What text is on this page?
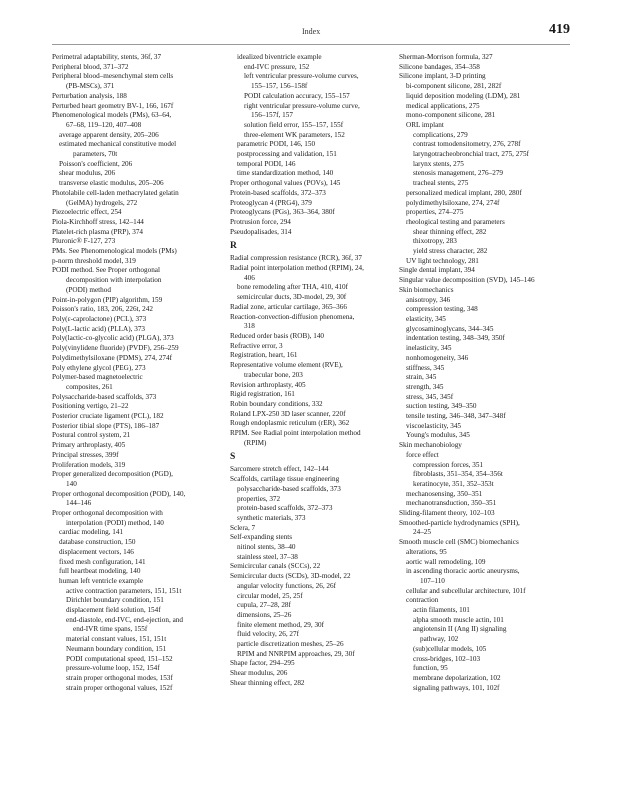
Index	419
Perimetral adaptability, stents, 36f, 37
Peripheral blood, 371–372
Peripheral blood–mesenchymal stem cells
(PB-MSCs), 371
Perturbation analysis, 188
Perturbed heart geometry BV-1, 166, 167f
Phenomenological models (PMs), 63–64,
67–68, 119–120, 407–408
average apparent density, 205–206
estimated mechanical constitutive model
parameters, 70t
Poisson's coefficient, 206
shear modulus, 206
transverse elastic modulus, 205–206
Photolabile cell-laden methacrylated gelatin
(GelMA) hydrogels, 272
Piezoelectric effect, 254
Piola-Kirchhoff stress, 142–144
Platelet-rich plasma (PRP), 374
Pluronic® F-127, 273
PMs. See Phenomenological models (PMs)
p-norm threshold model, 319
PODI method. See Proper orthogonal
decomposition with interpolation
(PODI) method
Point-in-polygon (PIP) algorithm, 159
Poisson's ratio, 183, 206, 226t, 242
Poly(ε-caprolactone) (PCL), 373
Poly(L-lactic acid) (PLLA), 373
Poly(lactic-co-glycolic acid) (PLGA), 373
Poly(vinylidene fluoride) (PVDF), 256–259
Polydimethylsiloxane (PDMS), 274, 274f
Poly ethylene glycol (PEG), 273
Polymer-based magnetoelectric
composites, 261
Polysaccharide-based scaffolds, 373
Positioning vertigo, 21–22
Posterior cruciate ligament (PCL), 182
Posterior tibial slope (PTS), 186–187
Postural control system, 21
Primary arthroplasty, 405
Principal stresses, 399f
Proliferation models, 319
Proper generalized decomposition (PGD),
140
Proper orthogonal decomposition (POD), 140,
144–146
Proper orthogonal decomposition with
interpolation (PODI) method, 140
cardiac modeling, 141
database construction, 150
displacement vectors, 146
fixed mesh configuration, 141
full heartbeat modeling, 140
human left ventricle example
active contraction parameters, 151, 151t
Dirichlet boundary condition, 151
displacement field solution, 154f
end-diastole, end-IVC, end-ejection, and
end-IVR time spans, 155f
material constant values, 151, 151t
Neumann boundary condition, 151
PODI computational speed, 151–152
pressure-volume loop, 152, 154f
strain proper orthogonal modes, 153f
strain proper orthogonal values, 152f
idealized biventricle example
end-IVC pressure, 152
left ventricular pressure-volume curves,
155–157, 156–158f
PODI calculation accuracy, 155–157
right ventricular pressure-volume curve,
156–157f, 157
solution field error, 155–157, 155f
three-element WK parameters, 152
parametric PODI, 146, 150
postprocessing and validation, 151
temporal PODI, 146
time standardization method, 140
Proper orthogonal values (POVs), 145
Protein-based scaffolds, 372–373
Proteoglycan 4 (PRG4), 379
Proteoglycans (PGs), 363–364, 380f
Protrusion force, 294
Pseudopalisades, 314
R
Radial compression resistance (RCR), 36f, 37
Radial point interpolation method (RPIM), 24,
406
bone remodeling after THA, 410, 410f
semicircular ducts, 3D-model, 29, 30f
Radial zone, articular cartilage, 365–366
Reaction-convection-diffusion phenomena,
318
Reduced order basis (ROB), 140
Refractive error, 3
Registration, heart, 161
Representative volume element (RVE),
trabecular bone, 203
Revision arthroplasty, 405
Rigid registration, 161
Robin boundary conditions, 332
Roland LPX-250 3D laser scanner, 220f
Rough endoplasmic reticulum (rER), 362
RPIM. See Radial point interpolation method
(RPIM)
S
Sarcomere stretch effect, 142–144
Scaffolds, cartilage tissue engineering
polysaccharide-based scaffolds, 373
properties, 372
protein-based scaffolds, 372–373
synthetic materials, 373
Sclera, 7
Self-expanding stents
nitinol stents, 38–40
stainless steel, 37–38
Semicircular canals (SCCs), 22
Semicircular ducts (SCDs), 3D-model, 22
angular velocity functions, 26, 26f
circular model, 25, 25f
cupula, 27–28, 28f
dimensions, 25–26
finite element method, 29, 30f
fluid velocity, 26, 27f
particle discretization meshes, 25–26
RPIM and NNRPIM approaches, 29, 30f
Shape factor, 294–295
Shear modulus, 206
Shear thinning effect, 282
Sherman-Morrison formula, 327
Silicone bandages, 354–358
Silicone implant, 3-D printing
bi-component silicone, 281, 282f
liquid deposition modeling (LDM), 281
medical applications, 275
mono-component silicone, 281
ORL implant
complications, 279
contrast tomodensitometry, 276, 278f
laryngotracheobronchial tract, 275, 275f
larynx stents, 275
stenosis management, 276–279
tracheal stents, 275
personalized medical implant, 280, 280f
polydimethylsiloxane, 274, 274f
properties, 274–275
rheological testing and parameters
shear thinning effect, 282
thixotropy, 283
yield stress character, 282
UV light technology, 281
Single dental implant, 394
Singular value decomposition (SVD), 145–146
Skin biomechanics
anisotropy, 346
compression testing, 348
elasticity, 345
glycosaminoglycans, 344–345
indentation testing, 348–349, 350f
inelasticity, 345
nonhomogeneity, 346
stiffness, 345
strain, 345
strength, 345
stress, 345, 345f
suction testing, 349–350
tensile testing, 346–348, 347–348f
viscoelasticity, 345
Young's modulus, 345
Skin mechanobiology
force effect
compression forces, 351
fibroblasts, 351–354, 354–356t
keratinocyte, 351, 352–353t
mechanosensing, 350–351
mechanotransduction, 350–351
Sliding-filament theory, 102–103
Smoothed-particle hydrodynamics (SPH),
24–25
Smooth muscle cell (SMC) biomechanics
alterations, 95
aortic wall remodeling, 109
in ascending thoracic aortic aneurysms,
107–110
cellular and subcellular architecture, 101f
contraction
actin filaments, 101
alpha smooth muscle actin, 101
angiotensin II (Ang II) signaling
pathway, 102
(sub)cellular models, 105
cross-bridges, 102–103
function, 95
membrane depolarization, 102
signaling pathways, 101, 102f
